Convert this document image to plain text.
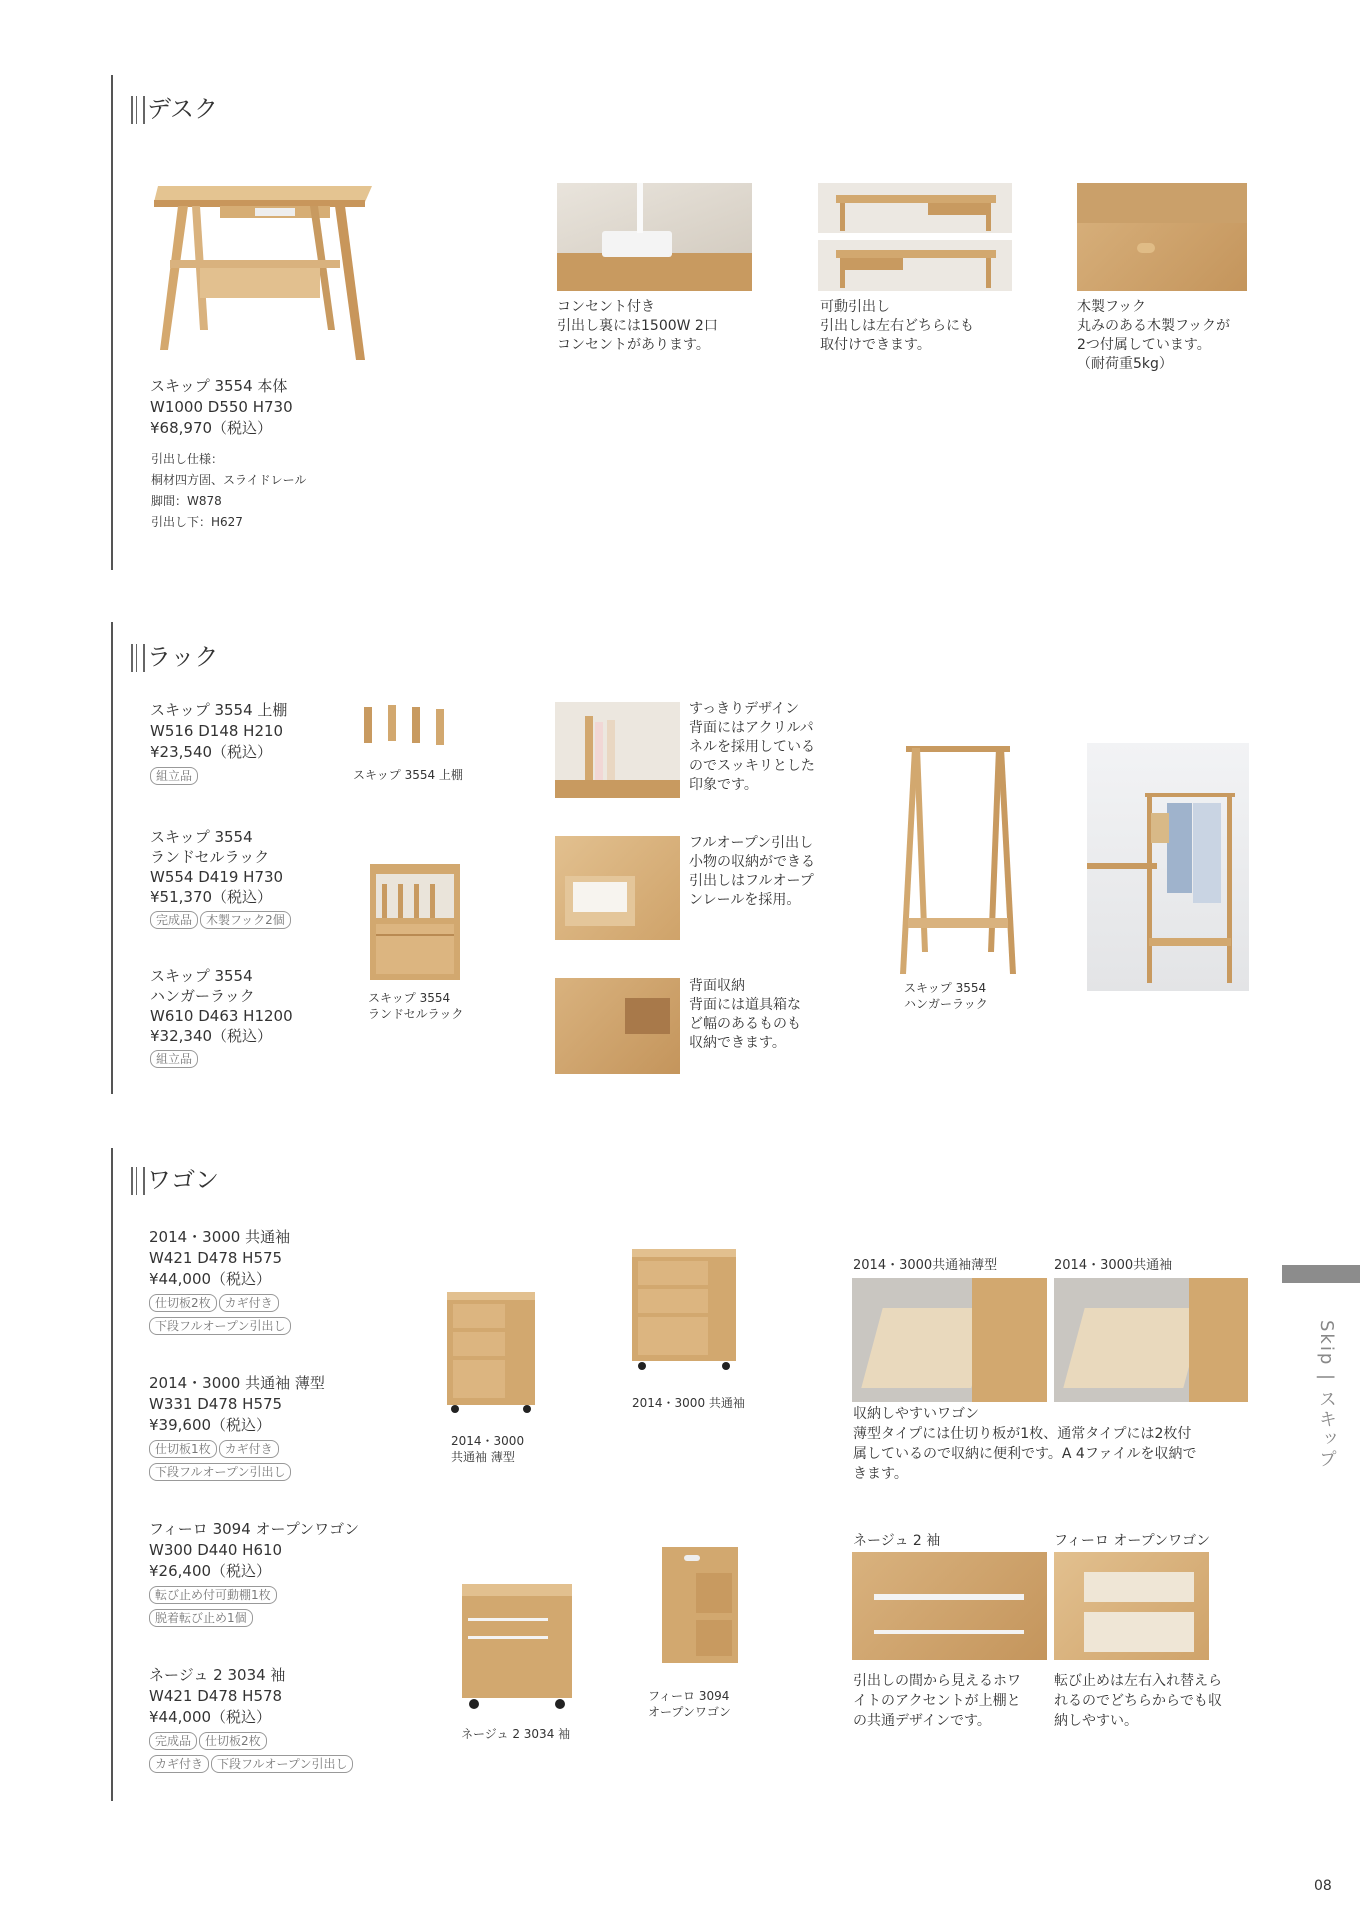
デスク
スキップ 3554 本体
W1000 D550 H730
¥68,970（税込）
引出し仕様：
桐材四方固、スライドレール
脚間：W878
引出し下：H627
コンセント付き
引出し裏には1500W 2口
コンセントがあります。
可動引出し
引出しは左右どちらにも
取付けできます。
木製フック
丸みのある木製フックが
2つ付属しています。
（耐荷重5kg）
ラック
スキップ 3554 上棚
W516 D148 H210
¥23,540（税込）
組立品
スキップ 3554
ランドセルラック
W554 D419 H730
¥51,370（税込）
完成品 木製フック2個
スキップ 3554
ハンガーラック
W610 D463 H1200
¥32,340（税込）
組立品
スキップ 3554 上棚
スキップ 3554
ランドセルラック
すっきりデザイン
背面にはアクリルパ
ネルを採用している
のでスッキリとした
印象です。
フルオープン引出し
小物の収納ができる
引出しはフルオープ
ンレールを採用。
背面収納
背面には道具箱な
ど幅のあるものも
収納できます。
スキップ 3554
ハンガーラック
ワゴン
2014・3000 共通袖
W421 D478 H575
¥44,000（税込）
仕切板2枚 カギ付き
下段フルオープン引出し
2014・3000 共通袖 薄型
W331 D478 H575
¥39,600（税込）
仕切板1枚 カギ付き
下段フルオープン引出し
フィーロ 3094 オープンワゴン
W300 D440 H610
¥26,400（税込）
転び止め付可動棚1枚
脱着転び止め1個
ネージュ 2 3034 袖
W421 D478 H578
¥44,000（税込）
完成品 仕切板2枚
カギ付き 下段フルオープン引出し
2014・3000
共通袖 薄型
2014・3000 共通袖
ネージュ 2 3034 袖
フィーロ 3094
オープンワゴン
2014・3000共通袖薄型	2014・3000共通袖
収納しやすいワゴン
薄型タイプには仕切り板が1枚、通常タイプには2枚付
属しているので収納に便利です。A 4ファイルを収納で
きます。
ネージュ 2 袖	フィーロ オープンワゴン
引出しの間から見えるホワ
イトのアクセントが上棚と
の共通デザインです。
転び止めは左右入れ替えら
れるのでどちらからでも収
納しやすい。
Skip | スキップ
08
